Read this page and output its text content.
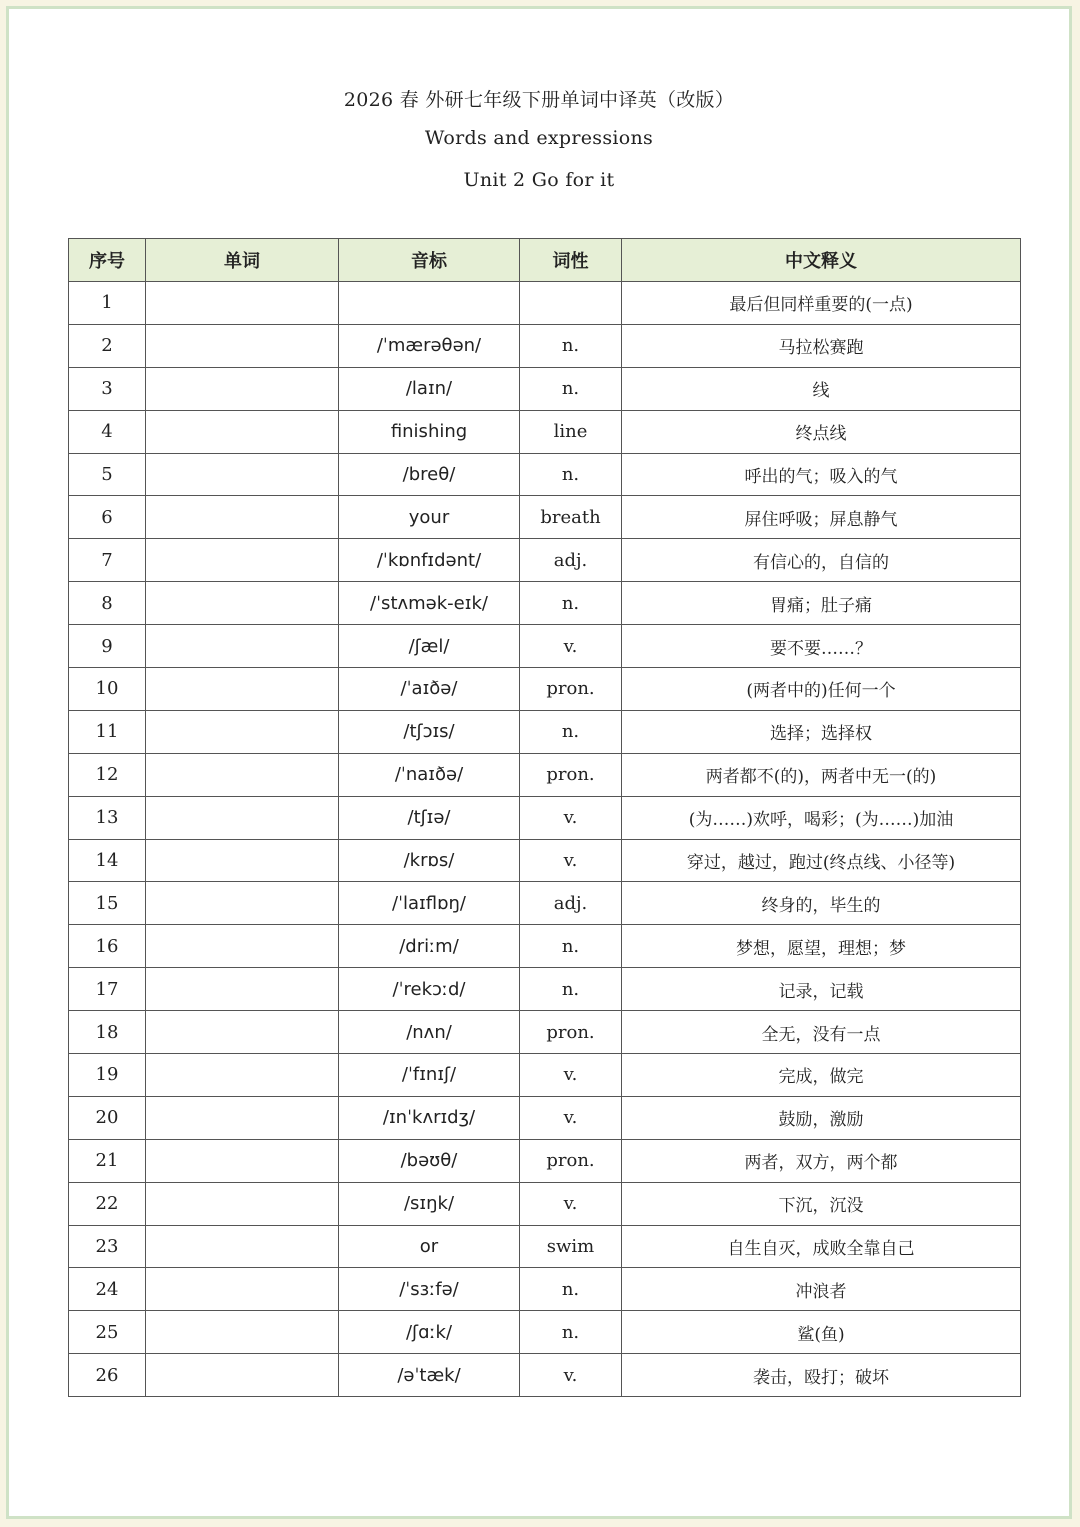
2026 春 外研七年级下册单词中译英（改版）
Words and expressions
Unit 2 Go for it
序号	单词	音标	词性	中文释义
1				最后但同样重要的(一点)
2		/ˈmærəθən/	n.	马拉松赛跑
3		/laɪn/	n.	线
4		finishing	line	终点线
5		/breθ/	n.	呼出的气；吸入的气
6		your	breath	屏住呼吸；屏息静气
7		/ˈkɒnfɪdənt/	adj.	有信心的，自信的
8		/ˈstʌmək-eɪk/	n.	胃痛；肚子痛
9		/ʃæl/	v.	要不要……？
10		/ˈaɪðə/	pron.	(两者中的)任何一个
11		/tʃɔɪs/	n.	选择；选择权
12		/ˈnaɪðə/	pron.	两者都不(的)，两者中无一(的)
13		/tʃɪə/	v.	(为……)欢呼，喝彩；(为……)加油
14		/krɒs/	v.	穿过，越过，跑过(终点线、小径等)
15		/ˈlaɪflɒŋ/	adj.	终身的，毕生的
16		/driːm/	n.	梦想，愿望，理想；梦
17		/ˈrekɔːd/	n.	记录，记载
18		/nʌn/	pron.	全无，没有一点
19		/ˈfɪnɪʃ/	v.	完成，做完
20		/ɪnˈkʌrɪdʒ/	v.	鼓励，激励
21		/bəʊθ/	pron.	两者，双方，两个都
22		/sɪŋk/	v.	下沉，沉没
23		or	swim	自生自灭，成败全靠自己
24		/ˈsɜːfə/	n.	冲浪者
25		/ʃɑːk/	n.	鲨(鱼)
26		/əˈtæk/	v.	袭击，殴打；破坏
